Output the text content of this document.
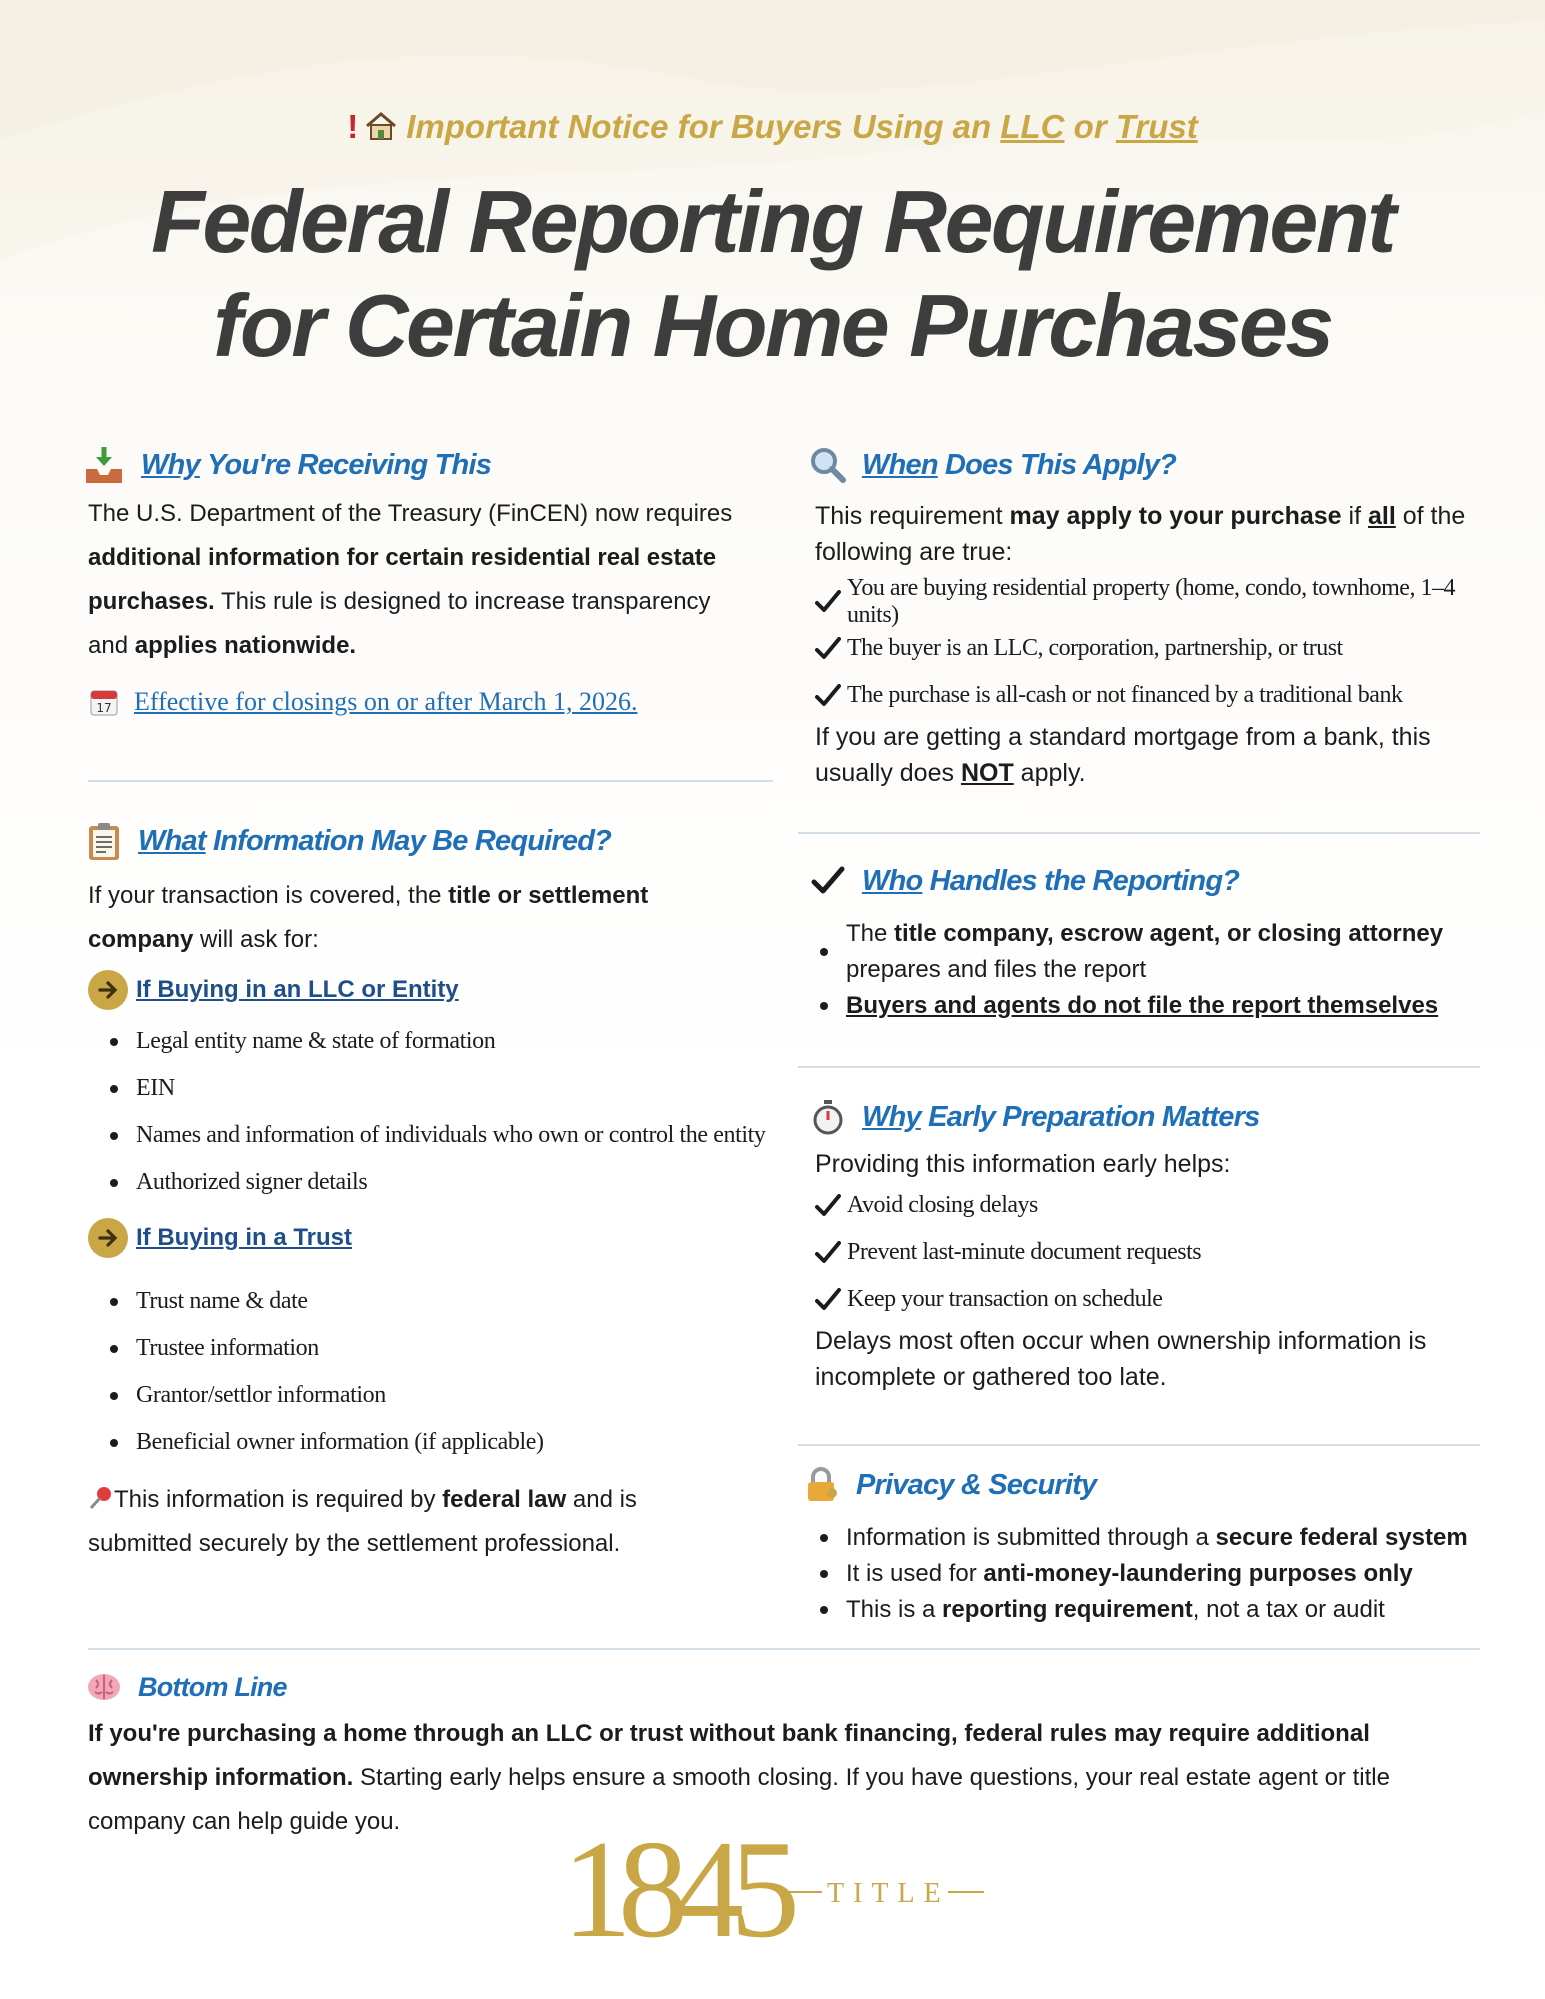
! Important Notice for Buyers Using an LLC or Trust
Federal Reporting Requirement
for Certain Home Purchases
Why
You're Receiving This
The U.S. Department of the Treasury (FinCEN) now requires
additional information for certain residential real estate
purchases. This rule is designed to increase transparency
and applies nationwide.
17 Effective for closings on or after March 1, 2026.
What
Information May Be Required?
If your transaction is covered, the title or settlement
company will ask for:
If Buying in an LLC or Entity
Legal entity name & state of formation
EIN
Names and information of individuals who own or control the entity
Authorized signer details
If Buying in a Trust
Trust name & date
Trustee information
Grantor/settlor information
Beneficial owner information (if applicable)
This information is required by federal law and is
submitted securely by the settlement professional.
When
Does This Apply?
This requirement may apply to your purchase if all of the
following are true:
You are buying residential property (home, condo, townhome, 1–4 units)
The buyer is an LLC, corporation, partnership, or trust
The purchase is all-cash or not financed by a traditional bank
If you are getting a standard mortgage from a bank, this
usually does NOT apply.
Who
Handles the Reporting?
The title company, escrow agent, or closing attorney
prepares and files the report
Buyers and agents do not file the report themselves
Why
Early Preparation Matters
Providing this information early helps:
Avoid closing delays
Prevent last-minute document requests
Keep your transaction on schedule
Delays most often occur when ownership information is
incomplete or gathered too late.
Privacy & Security
Information is submitted through a secure federal system
It is used for anti-money-laundering purposes only
This is a reporting requirement, not a tax or audit
Bottom Line
If you're purchasing a home through an LLC or trust without bank financing, federal rules may require additional
ownership information. Starting early helps ensure a smooth closing. If you have questions, your real estate agent or title
company can help guide you.	1845	TITLE
